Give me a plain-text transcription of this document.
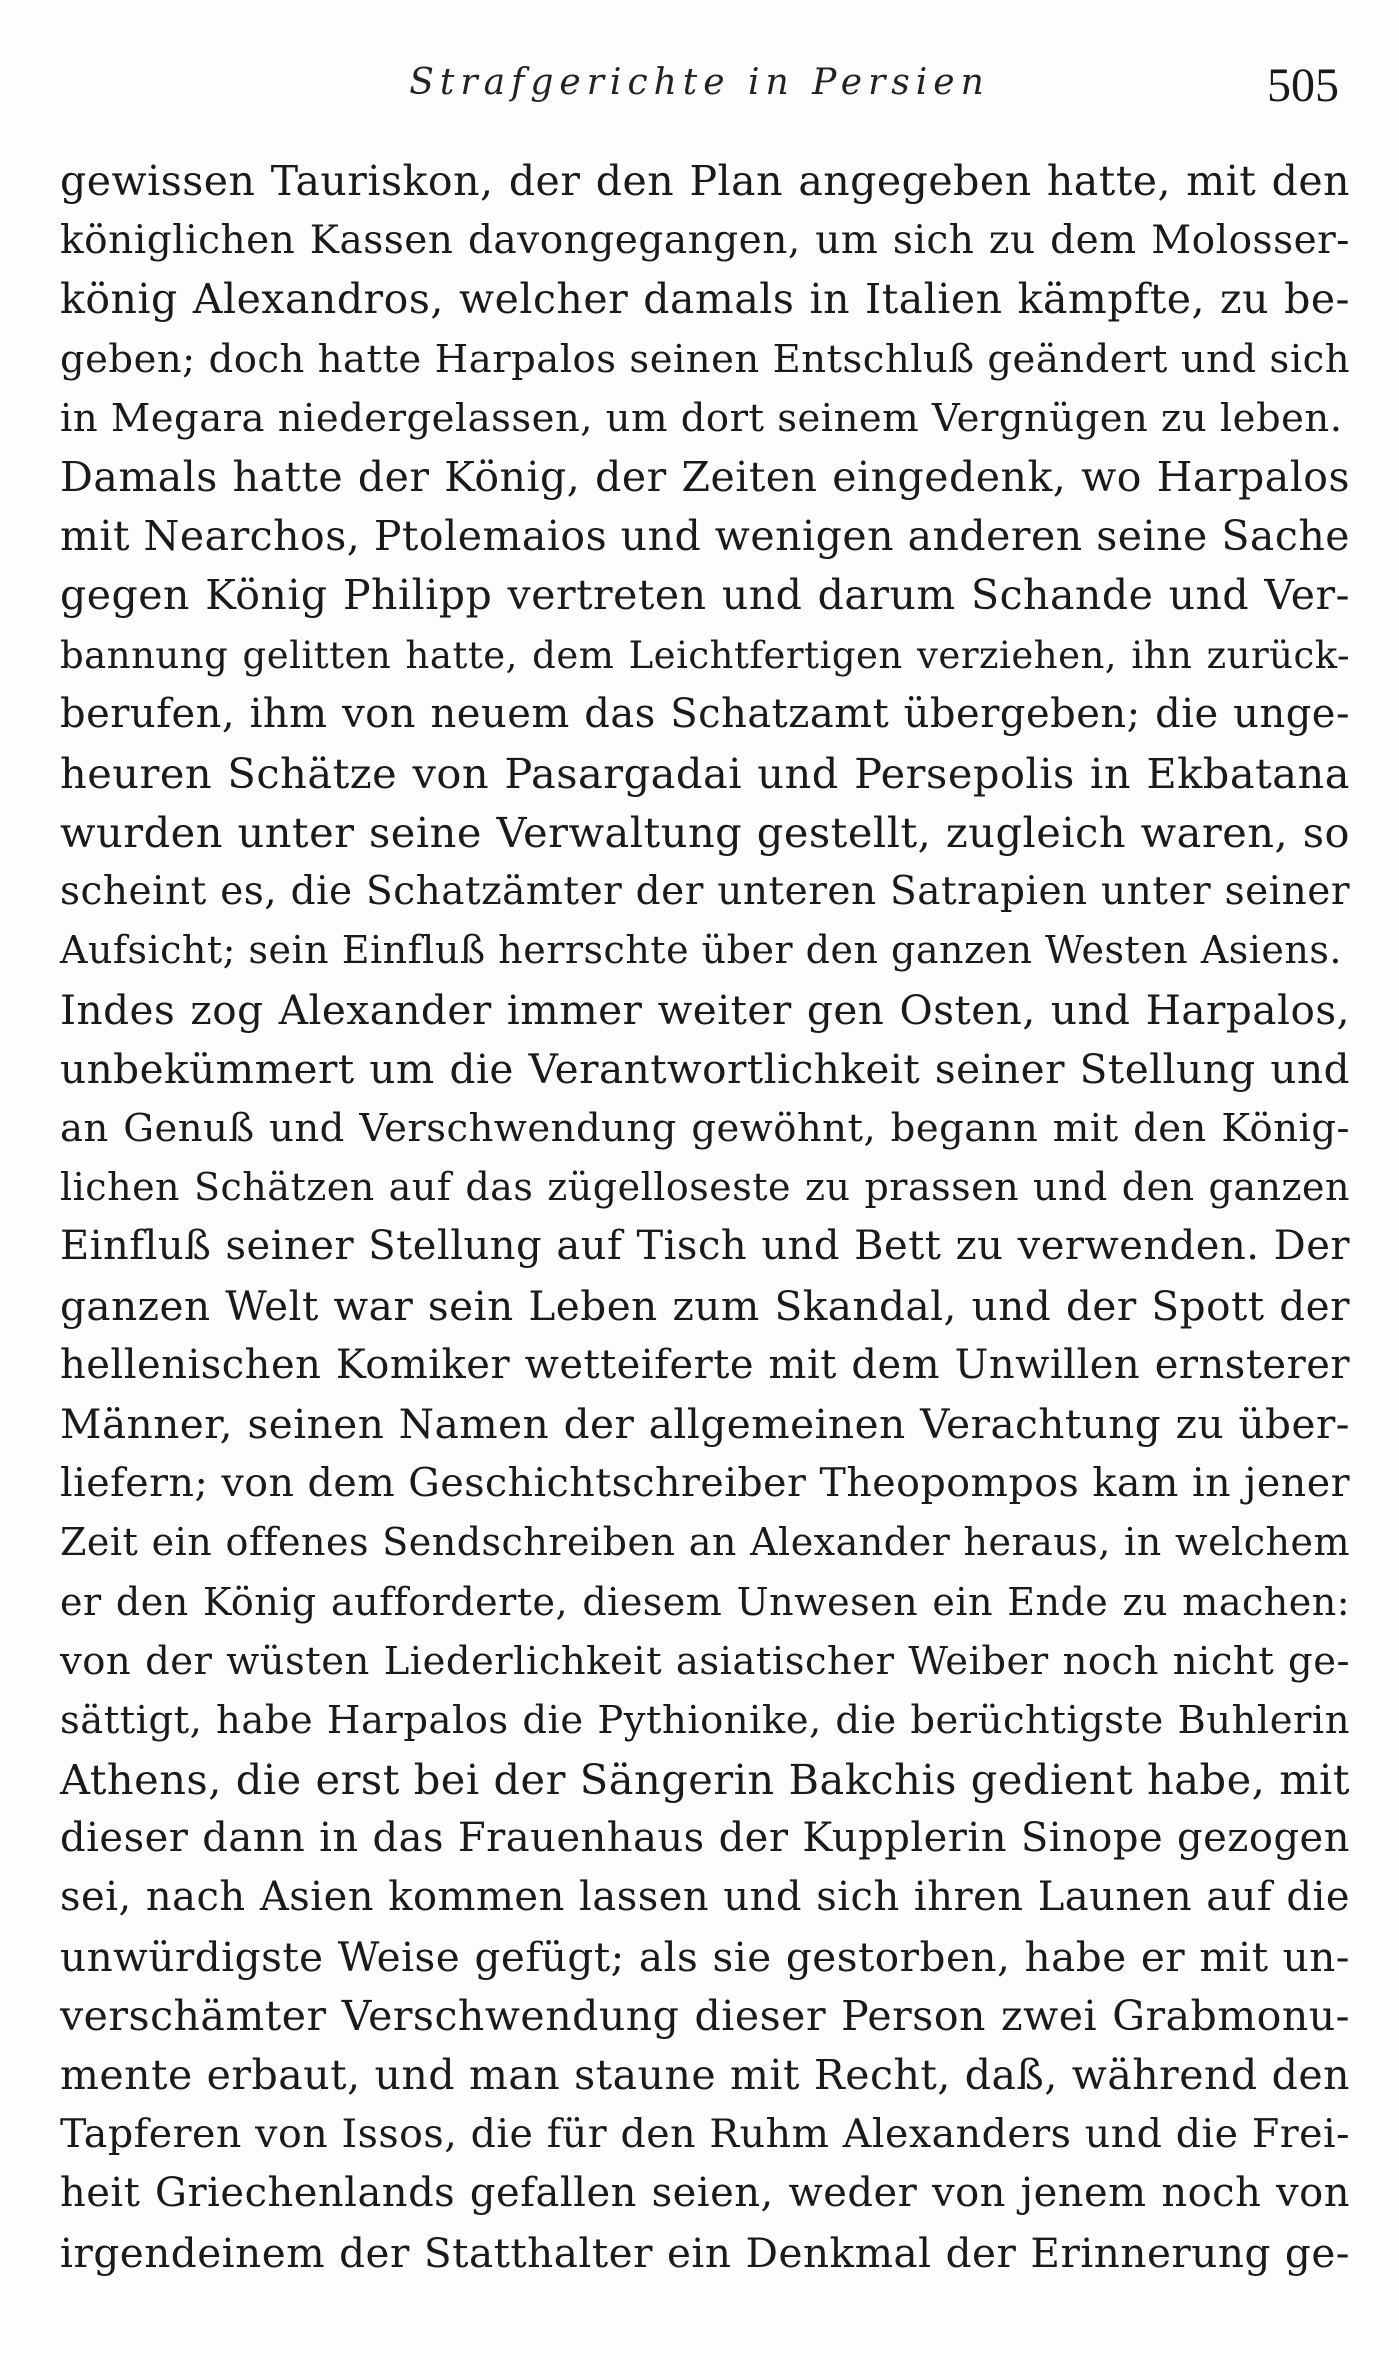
Strafgerichte in Persien	505
gewissen Tauriskon, der den Plan angegeben hatte, mit den
königlichen Kassen davongegangen, um sich zu dem Molosser-
könig Alexandros, welcher damals in Italien kämpfte, zu be-
geben; doch hatte Harpalos seinen Entschluß geändert und sich
in Megara niedergelassen, um dort seinem Vergnügen zu leben.
Damals hatte der König, der Zeiten eingedenk, wo Harpalos
mit Nearchos, Ptolemaios und wenigen anderen seine Sache
gegen König Philipp vertreten und darum Schande und Ver-
bannung gelitten hatte, dem Leichtfertigen verziehen, ihn zurück-
berufen, ihm von neuem das Schatzamt übergeben; die unge-
heuren Schätze von Pasargadai und Persepolis in Ekbatana
wurden unter seine Verwaltung gestellt, zugleich waren, so
scheint es, die Schatzämter der unteren Satrapien unter seiner
Aufsicht; sein Einfluß herrschte über den ganzen Westen Asiens.
Indes zog Alexander immer weiter gen Osten, und Harpalos,
unbekümmert um die Verantwortlichkeit seiner Stellung und
an Genuß und Verschwendung gewöhnt, begann mit den König-
lichen Schätzen auf das zügelloseste zu prassen und den ganzen
Einfluß seiner Stellung auf Tisch und Bett zu verwenden. Der
ganzen Welt war sein Leben zum Skandal, und der Spott der
hellenischen Komiker wetteiferte mit dem Unwillen ernsterer
Männer, seinen Namen der allgemeinen Verachtung zu über-
liefern; von dem Geschichtschreiber Theopompos kam in jener
Zeit ein offenes Sendschreiben an Alexander heraus, in welchem
er den König aufforderte, diesem Unwesen ein Ende zu machen:
von der wüsten Liederlichkeit asiatischer Weiber noch nicht ge-
sättigt, habe Harpalos die Pythionike, die berüchtigste Buhlerin
Athens, die erst bei der Sängerin Bakchis gedient habe, mit
dieser dann in das Frauenhaus der Kupplerin Sinope gezogen
sei, nach Asien kommen lassen und sich ihren Launen auf die
unwürdigste Weise gefügt; als sie gestorben, habe er mit un-
verschämter Verschwendung dieser Person zwei Grabmonu-
mente erbaut, und man staune mit Recht, daß, während den
Tapferen von Issos, die für den Ruhm Alexanders und die Frei-
heit Griechenlands gefallen seien, weder von jenem noch von
irgendeinem der Statthalter ein Denkmal der Erinnerung ge-
